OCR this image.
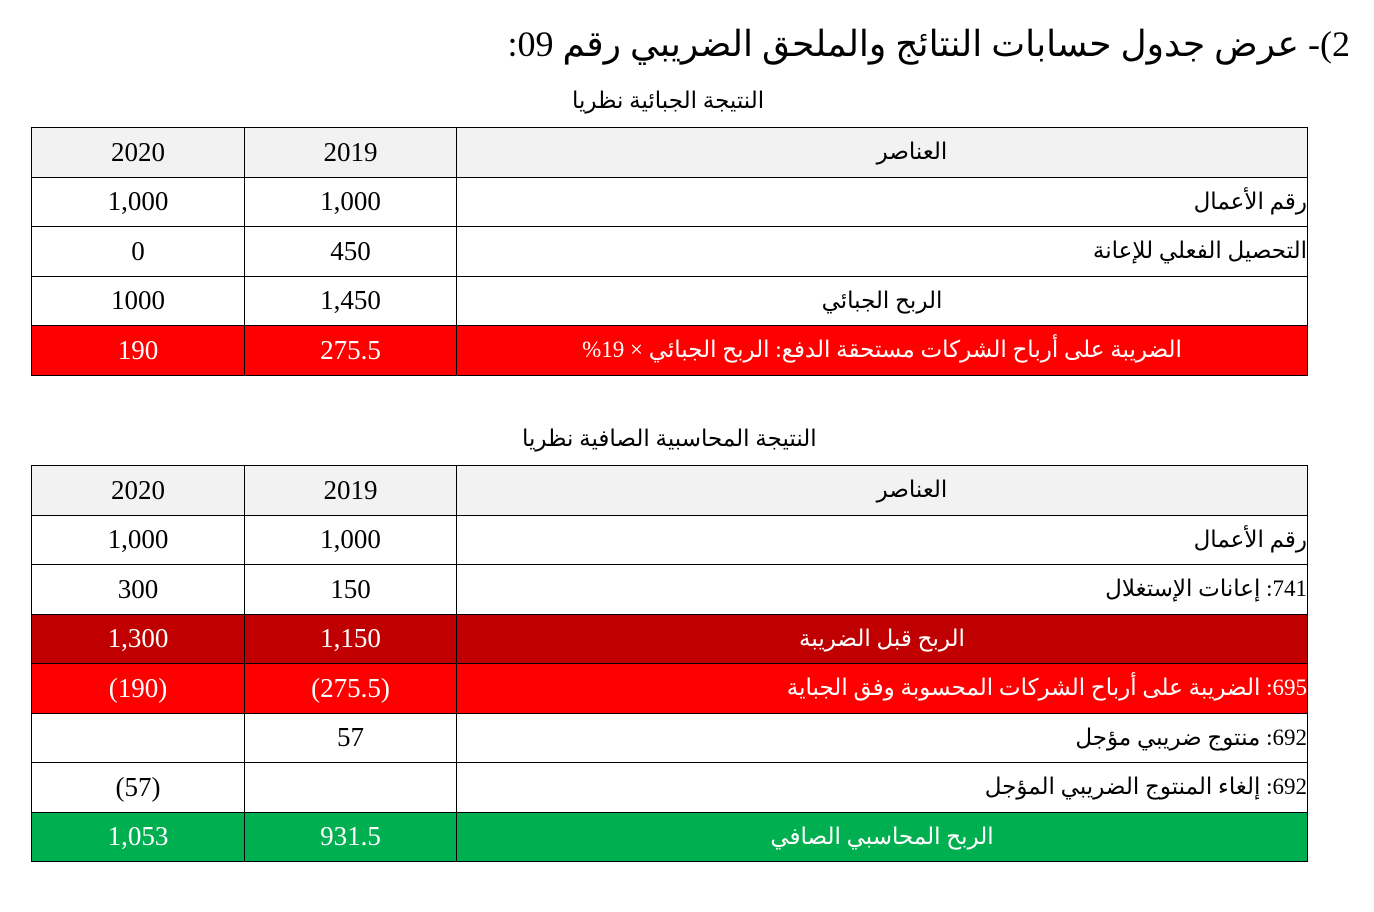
2)- عرض جدول حسابات النتائج والملحق الضريبي رقم 09:
النتيجة الجبائية نظريا
العناصر	2019	2020
رقم الأعمال	1,000	1,000
التحصيل الفعلي للإعانة	450	0
الربح الجبائي	1,450	1000
الضريبة على أرباح الشركات مستحقة الدفع: الربح الجبائي × 19%	275.5	190
النتيجة المحاسبية الصافية نظريا
العناصر	2019	2020
رقم الأعمال	1,000	1,000
741: إعانات الإستغلال	150	300
الربح قبل الضريبة	1,150	1,300
695: الضريبة على أرباح الشركات المحسوبة وفق الجباية	(275.5)	(190)
692: منتوج ضريبي مؤجل	57	
692: إلغاء المنتوج الضريبي المؤجل		(57)
الربح المحاسبي الصافي	931.5	1,053
